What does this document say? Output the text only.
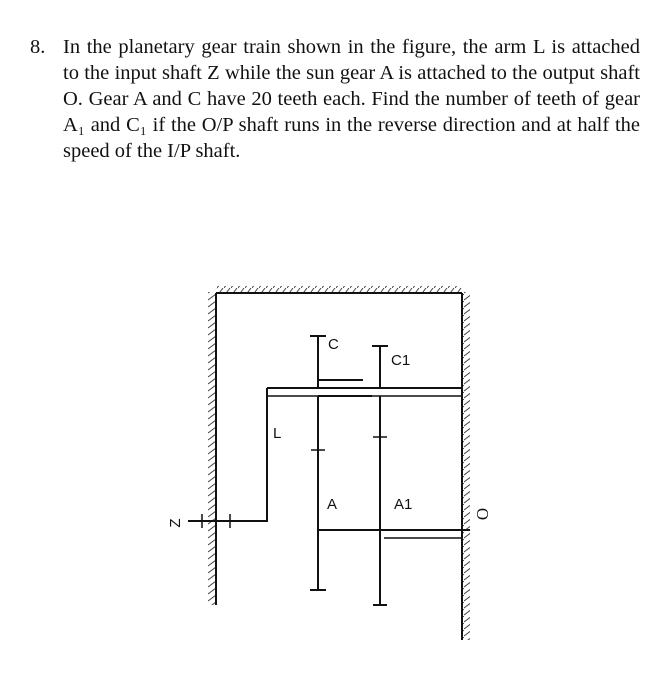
8. In the planetary gear train shown in the figure, the arm L is attached to the input shaft Z while the sun gear A is attached to the output shaft O. Gear A and C have 20 teeth each. Find the number of teeth of gear A₁ and C₁ if the O/P shaft runs in the reverse direction and at half the speed of the I/P shaft.
C
C1
L
A	A1
Z
O
